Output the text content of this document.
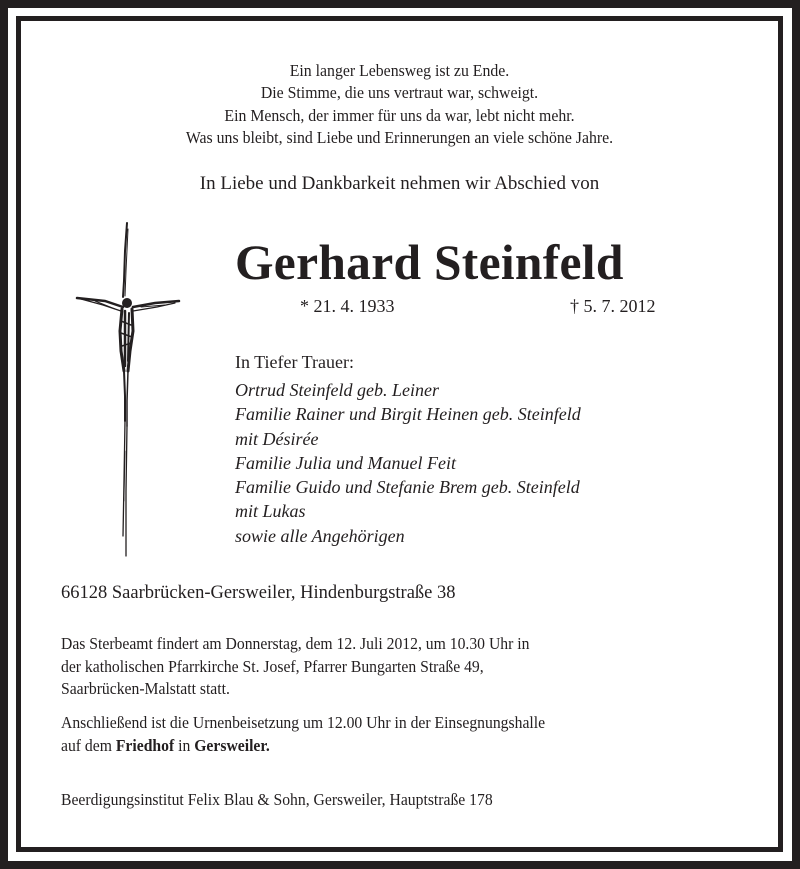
Ein langer Lebensweg ist zu Ende.
Die Stimme, die uns vertraut war, schweigt.
Ein Mensch, der immer für uns da war, lebt nicht mehr.
Was uns bleibt, sind Liebe und Erinnerungen an viele schöne Jahre.
In Liebe und Dankbarkeit nehmen wir Abschied von
Gerhard Steinfeld
* 21. 4. 1933	† 5. 7. 2012
In Tiefer Trauer:
Ortrud Steinfeld geb. Leiner
Familie Rainer und Birgit Heinen geb. Steinfeld
mit Désirée
Familie Julia und Manuel Feit
Familie Guido und Stefanie Brem geb. Steinfeld
mit Lukas
sowie alle Angehörigen
66128 Saarbrücken-Gersweiler, Hindenburgstraße 38
Das Sterbeamt findert am Donnerstag, dem 12. Juli 2012, um 10.30 Uhr in
der katholischen Pfarrkirche St. Josef, Pfarrer Bungarten Straße 49,
Saarbrücken-Malstatt statt.
Anschließend ist die Urnenbeisetzung um 12.00 Uhr in der Einsegnungshalle
auf dem Friedhof in Gersweiler.
Beerdigungsinstitut Felix Blau & Sohn, Gersweiler, Hauptstraße 178
